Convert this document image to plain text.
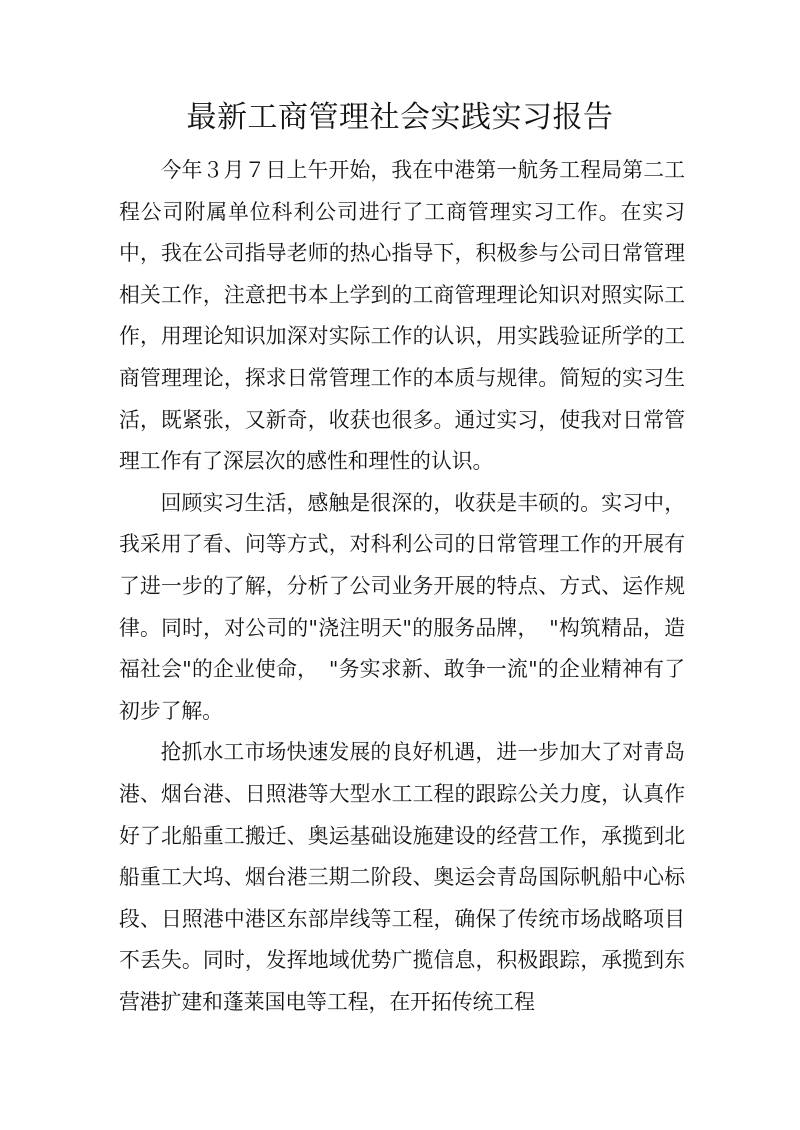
最新工商管理社会实践实习报告

今年３月７日上午开始，我在中港第一航务工程局第二工程公司附属单位科利公司进行了工商管理实习工作。在实习中，我在公司指导老师的热心指导下，积极参与公司日常管理相关工作，注意把书本上学到的工商管理理论知识对照实际工作，用理论知识加深对实际工作的认识，用实践验证所学的工商管理理论，探求日常管理工作的本质与规律。简短的实习生活，既紧张，又新奇，收获也很多。通过实习，使我对日常管理工作有了深层次的感性和理性的认识。

回顾实习生活，感触是很深的，收获是丰硕的。实习中，我采用了看、问等方式，对科利公司的日常管理工作的开展有了进一步的了解，分析了公司业务开展的特点、方式、运作规律。同时，对公司的"浇注明天"的服务品牌，　"构筑精品，造福社会"的企业使命，　"务实求新、敢争一流"的企业精神有了初步了解。

抢抓水工市场快速发展的良好机遇，进一步加大了对青岛港、烟台港、日照港等大型水工工程的跟踪公关力度，认真作好了北船重工搬迁、奥运基础设施建设的经营工作，承揽到北船重工大坞、烟台港三期二阶段、奥运会青岛国际帆船中心标段、日照港中港区东部岸线等工程，确保了传统市场战略项目不丢失。同时，发挥地域优势广揽信息，积极跟踪，承揽到东营港扩建和蓬莱国电等工程，在开拓传统工程
